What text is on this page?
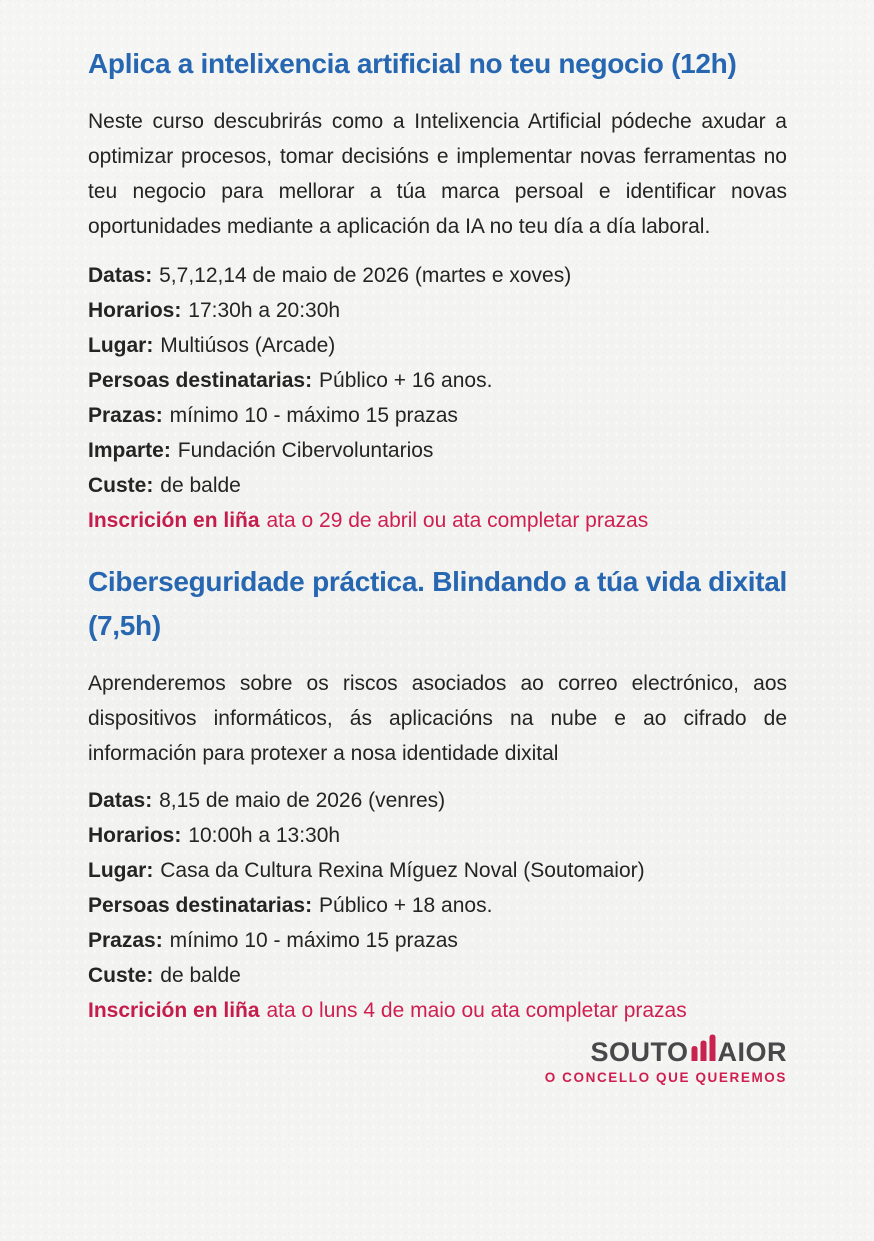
Aplica a intelixencia artificial no teu negocio (12h)

Neste curso descubrirás como a Intelixencia Artificial pódeche axudar a optimizar procesos, tomar decisións e implementar novas ferramentas no teu negocio para mellorar a túa marca persoal e identificar novas oportunidades mediante a aplicación da IA no teu día a día laboral.

Datas: 5,7,12,14 de maio de 2026 (martes e xoves)

Horarios: 17:30h a 20:30h

Lugar: Multiúsos (Arcade)

Persoas destinatarias: Público + 16 anos.

Prazas: mínimo 10 - máximo 15 prazas

Imparte: Fundación Cibervoluntarios

Custe: de balde

Inscrición en liña ata o 29 de abril ou ata completar prazas

Ciberseguridade práctica. Blindando a túa vida dixital (7,5h)

Aprenderemos sobre os riscos asociados ao correo electrónico, aos dispositivos informáticos, ás aplicacións na nube e ao cifrado de información para protexer a nosa identidade dixital

Datas: 8,15 de maio de 2026 (venres)

Horarios: 10:00h a 13:30h

Lugar: Casa da Cultura Rexina Míguez Noval (Soutomaior)

Persoas destinatarias: Público + 18 anos.

Prazas: mínimo 10 - máximo 15 prazas

Custe: de balde

Inscrición en liña ata o luns 4 de maio ou ata completar prazas

SOUTO AIOR
O CONCELLO QUE QUEREMOS
